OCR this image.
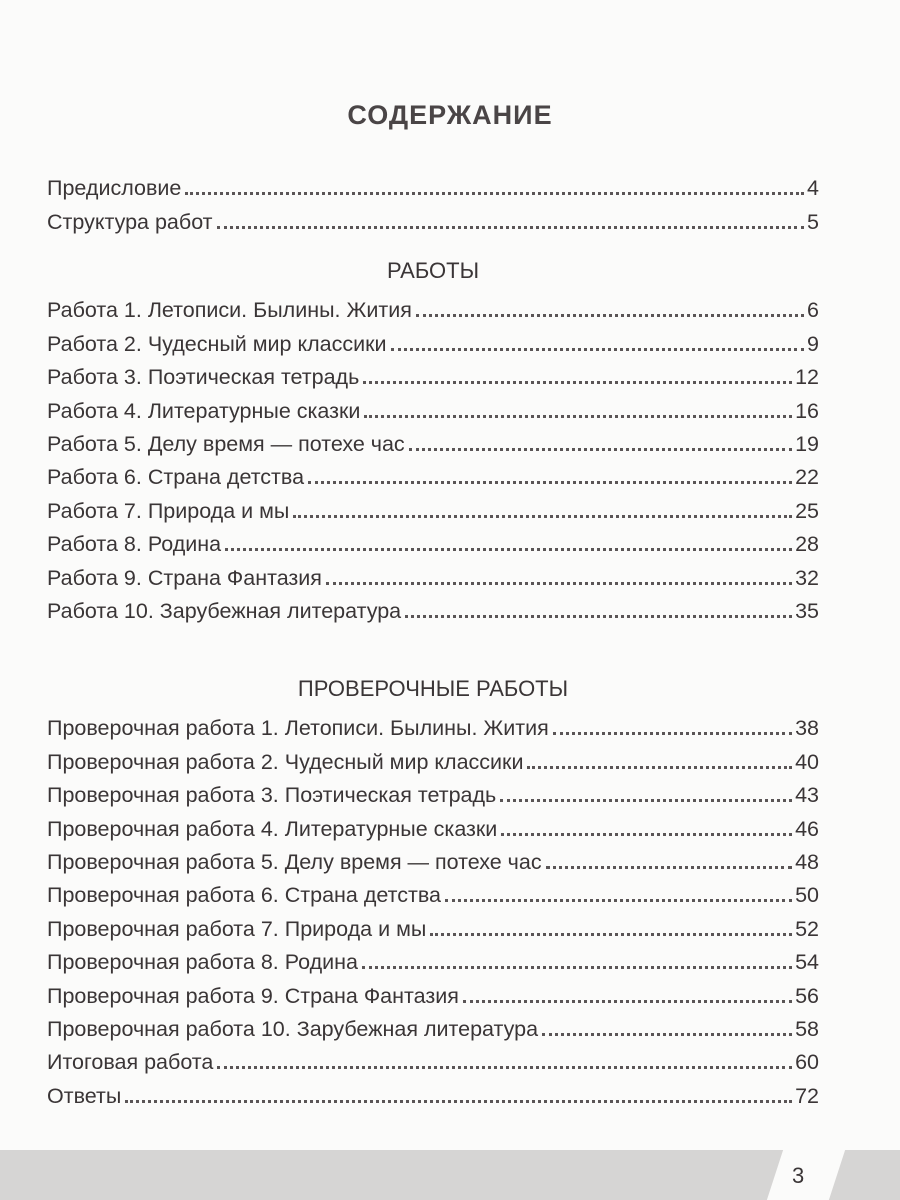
СОДЕРЖАНИЕ
Предисловие	4
Структура работ	5
РАБОТЫ
Работа 1. Летописи. Былины. Жития	6
Работа 2. Чудесный мир классики	9
Работа 3. Поэтическая тетрадь	12
Работа 4. Литературные сказки	16
Работа 5. Делу время — потехе час	19
Работа 6. Страна детства	22
Работа 7. Природа и мы	25
Работа 8. Родина	28
Работа 9. Страна Фантазия	32
Работа 10. Зарубежная литература	35
ПРОВЕРОЧНЫЕ РАБОТЫ
Проверочная работа 1. Летописи. Былины. Жития	38
Проверочная работа 2. Чудесный мир классики	40
Проверочная работа 3. Поэтическая тетрадь	43
Проверочная работа 4. Литературные сказки	46
Проверочная работа 5. Делу время — потехе час	48
Проверочная работа 6. Страна детства	50
Проверочная работа 7. Природа и мы	52
Проверочная работа 8. Родина	54
Проверочная работа 9. Страна Фантазия	56
Проверочная работа 10. Зарубежная литература	58
Итоговая работа	60
Ответы	72
3
